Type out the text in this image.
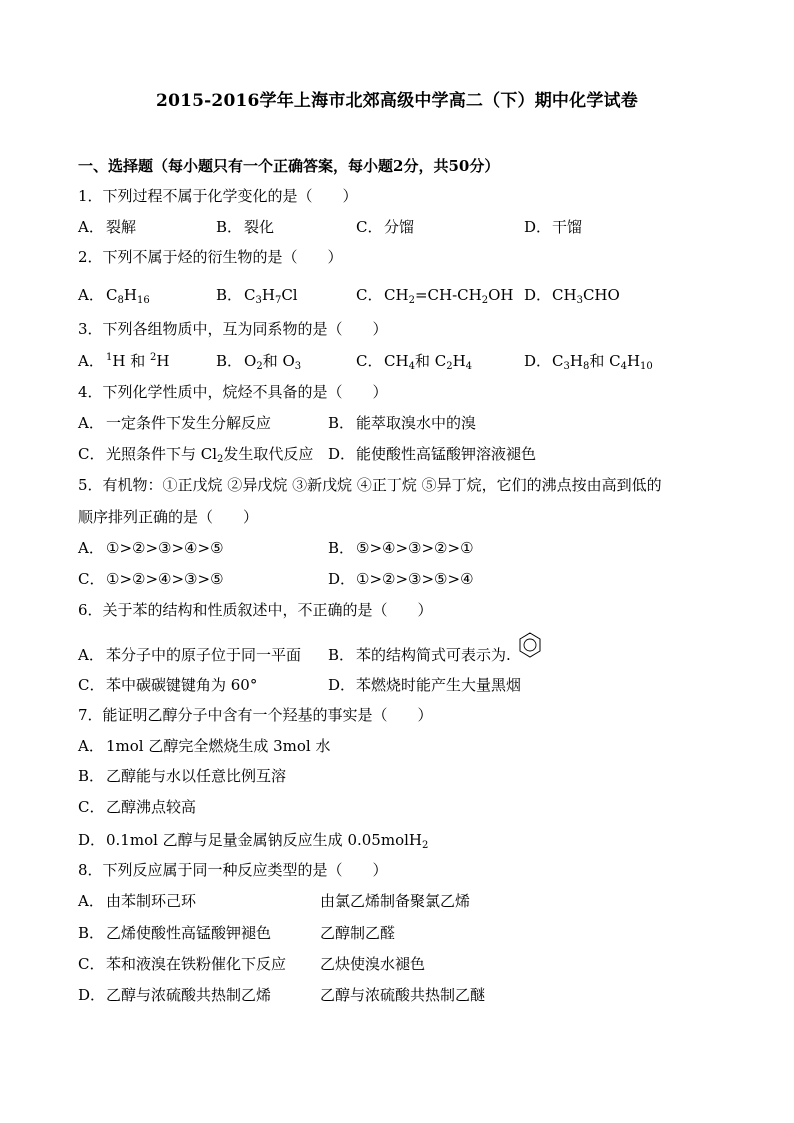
2015-2016学年上海市北郊高级中学高二（下）期中化学试卷
一、选择题（每小题只有一个正确答案，每小题2分，共50分）
1．下列过程不属于化学变化的是（　　）
A． 裂解	B． 裂化	C． 分馏	D．干馏
2．下列不属于烃的衍生物的是（　　）
A． $C_8H_{16}$	B． $C_3H_7Cl$	C． $CH_2=CH-CH_2OH$ D．$CH_3CHO$
3．下列各组物质中，互为同系物的是（　　）
A． $^1$H 和 $^2$H	B． $O_2$和 $O_3$	C． $CH_4$和 $C_2H_4$	D．$C_3H_8$和 $C_4H_{10}$
4．下列化学性质中，烷烃不具备的是（　　）
A． 一定条件下发生分解反应	B． 能萃取溴水中的溴
C． 光照条件下与 $Cl_2$发生取代反应 D．能使酸性高锰酸钾溶液褪色
5．有机物：①正戊烷 ②异戊烷 ③新戊烷 ④正丁烷 ⑤异丁烷，它们的沸点按由高到低的
顺序排列正确的是（　　）
A． ①>②>③>④>⑤	B． ⑤>④>③>②>①
C． ①>②>④>③>⑤	D．①>②>③>⑤>④
6．关于苯的结构和性质叙述中，不正确的是（　　）
A． 苯分子中的原子位于同一平面 B． 苯的结构简式可表示为.
C． 苯中碳碳键键角为 60°	D．苯燃烧时能产生大量黑烟
7．能证明乙醇分子中含有一个羟基的事实是（　　）
A． 1mol 乙醇完全燃烧生成 3mol 水
B． 乙醇能与水以任意比例互溶
C． 乙醇沸点较高
D．0.1mol 乙醇与足量金属钠反应生成 0.05molH$_2$
8．下列反应属于同一种反应类型的是（　　）
A． 由苯制环己环	由氯乙烯制备聚氯乙烯
B． 乙烯使酸性高锰酸钾褪色	乙醇制乙醛
C． 苯和液溴在铁粉催化下反应 乙炔使溴水褪色
D．乙醇与浓硫酸共热制乙烯	乙醇与浓硫酸共热制乙醚
